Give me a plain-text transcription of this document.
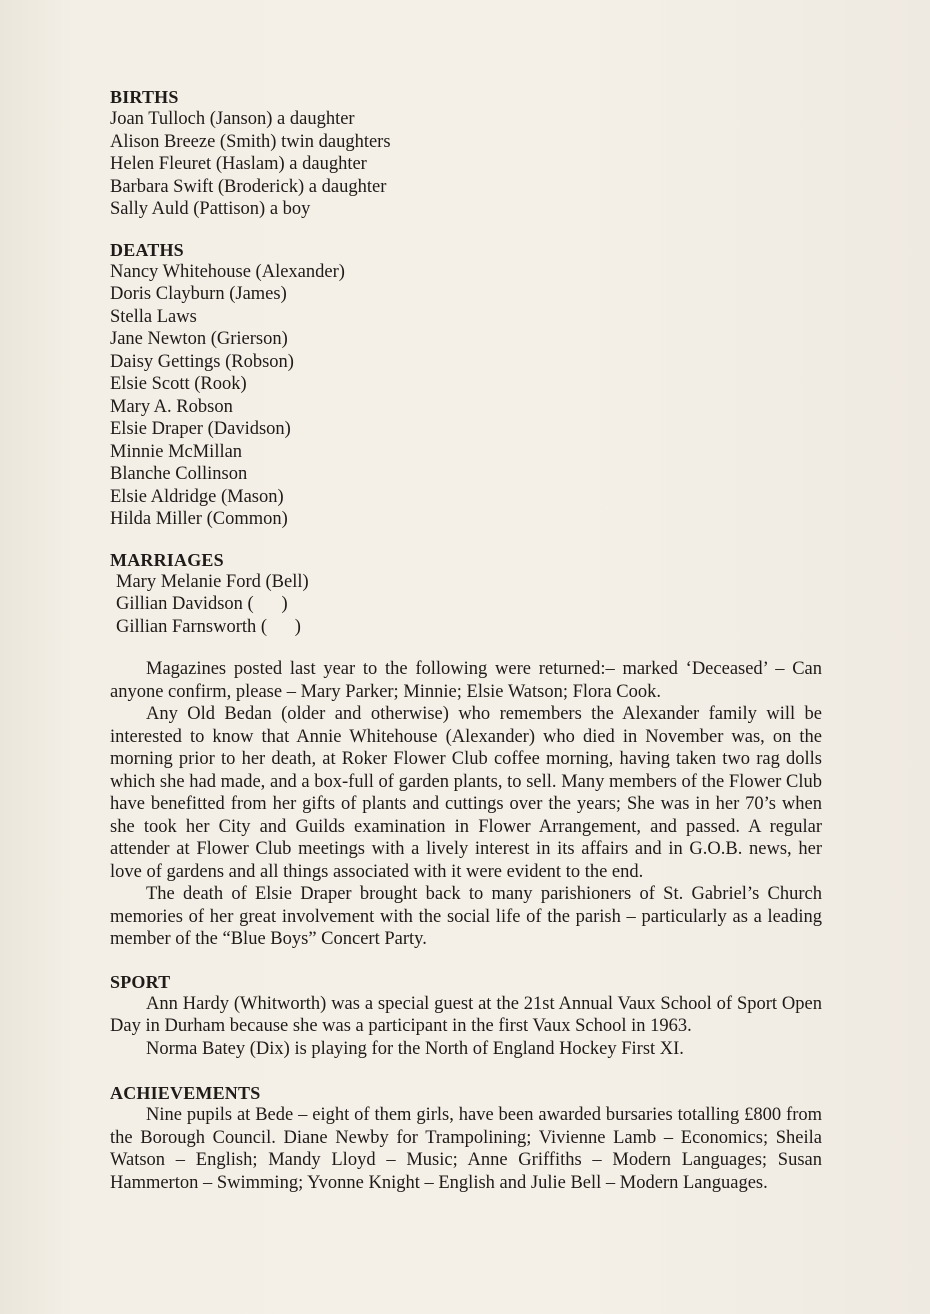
BIRTHS
Joan Tulloch (Janson) a daughter
Alison Breeze (Smith) twin daughters
Helen Fleuret (Haslam) a daughter
Barbara Swift (Broderick) a daughter
Sally Auld (Pattison) a boy
DEATHS
Nancy Whitehouse (Alexander)
Doris Clayburn (James)
Stella Laws
Jane Newton (Grierson)
Daisy Gettings (Robson)
Elsie Scott (Rook)
Mary A. Robson
Elsie Draper (Davidson)
Minnie McMillan
Blanche Collinson
Elsie Aldridge (Mason)
Hilda Miller (Common)
MARRIAGES
Mary Melanie Ford (Bell)
Gillian Davidson (      )
Gillian Farnsworth (      )

Magazines posted last year to the following were returned:– marked ‘Deceased’ – Can anyone confirm, please – Mary Parker; Minnie; Elsie Watson; Flora Cook.

Any Old Bedan (older and otherwise) who remembers the Alexander family will be interested to know that Annie Whitehouse (Alexander) who died in November was, on the morning prior to her death, at Roker Flower Club coffee morning, having taken two rag dolls which she had made, and a box-full of garden plants, to sell. Many members of the Flower Club have benefitted from her gifts of plants and cuttings over the years; She was in her 70’s when she took her City and Guilds examination in Flower Arrangement, and passed. A regular attender at Flower Club meetings with a lively interest in its affairs and in G.O.B. news, her love of gardens and all things associated with it were evident to the end.

The death of Elsie Draper brought back to many parishioners of St. Gabriel’s Church memories of her great involvement with the social life of the parish – particularly as a leading member of the “Blue Boys” Concert Party.

SPORT

Ann Hardy (Whitworth) was a special guest at the 21st Annual Vaux School of Sport Open Day in Durham because she was a participant in the first Vaux School in 1963.

Norma Batey (Dix) is playing for the North of England Hockey First XI.

ACHIEVEMENTS

Nine pupils at Bede – eight of them girls, have been awarded bursaries totalling £800 from the Borough Council. Diane Newby for Trampolining; Vivienne Lamb – Economics; Sheila Watson – English; Mandy Lloyd – Music; Anne Griffiths – Modern Languages; Susan Hammerton – Swimming; Yvonne Knight – English and Julie Bell – Modern Languages.
